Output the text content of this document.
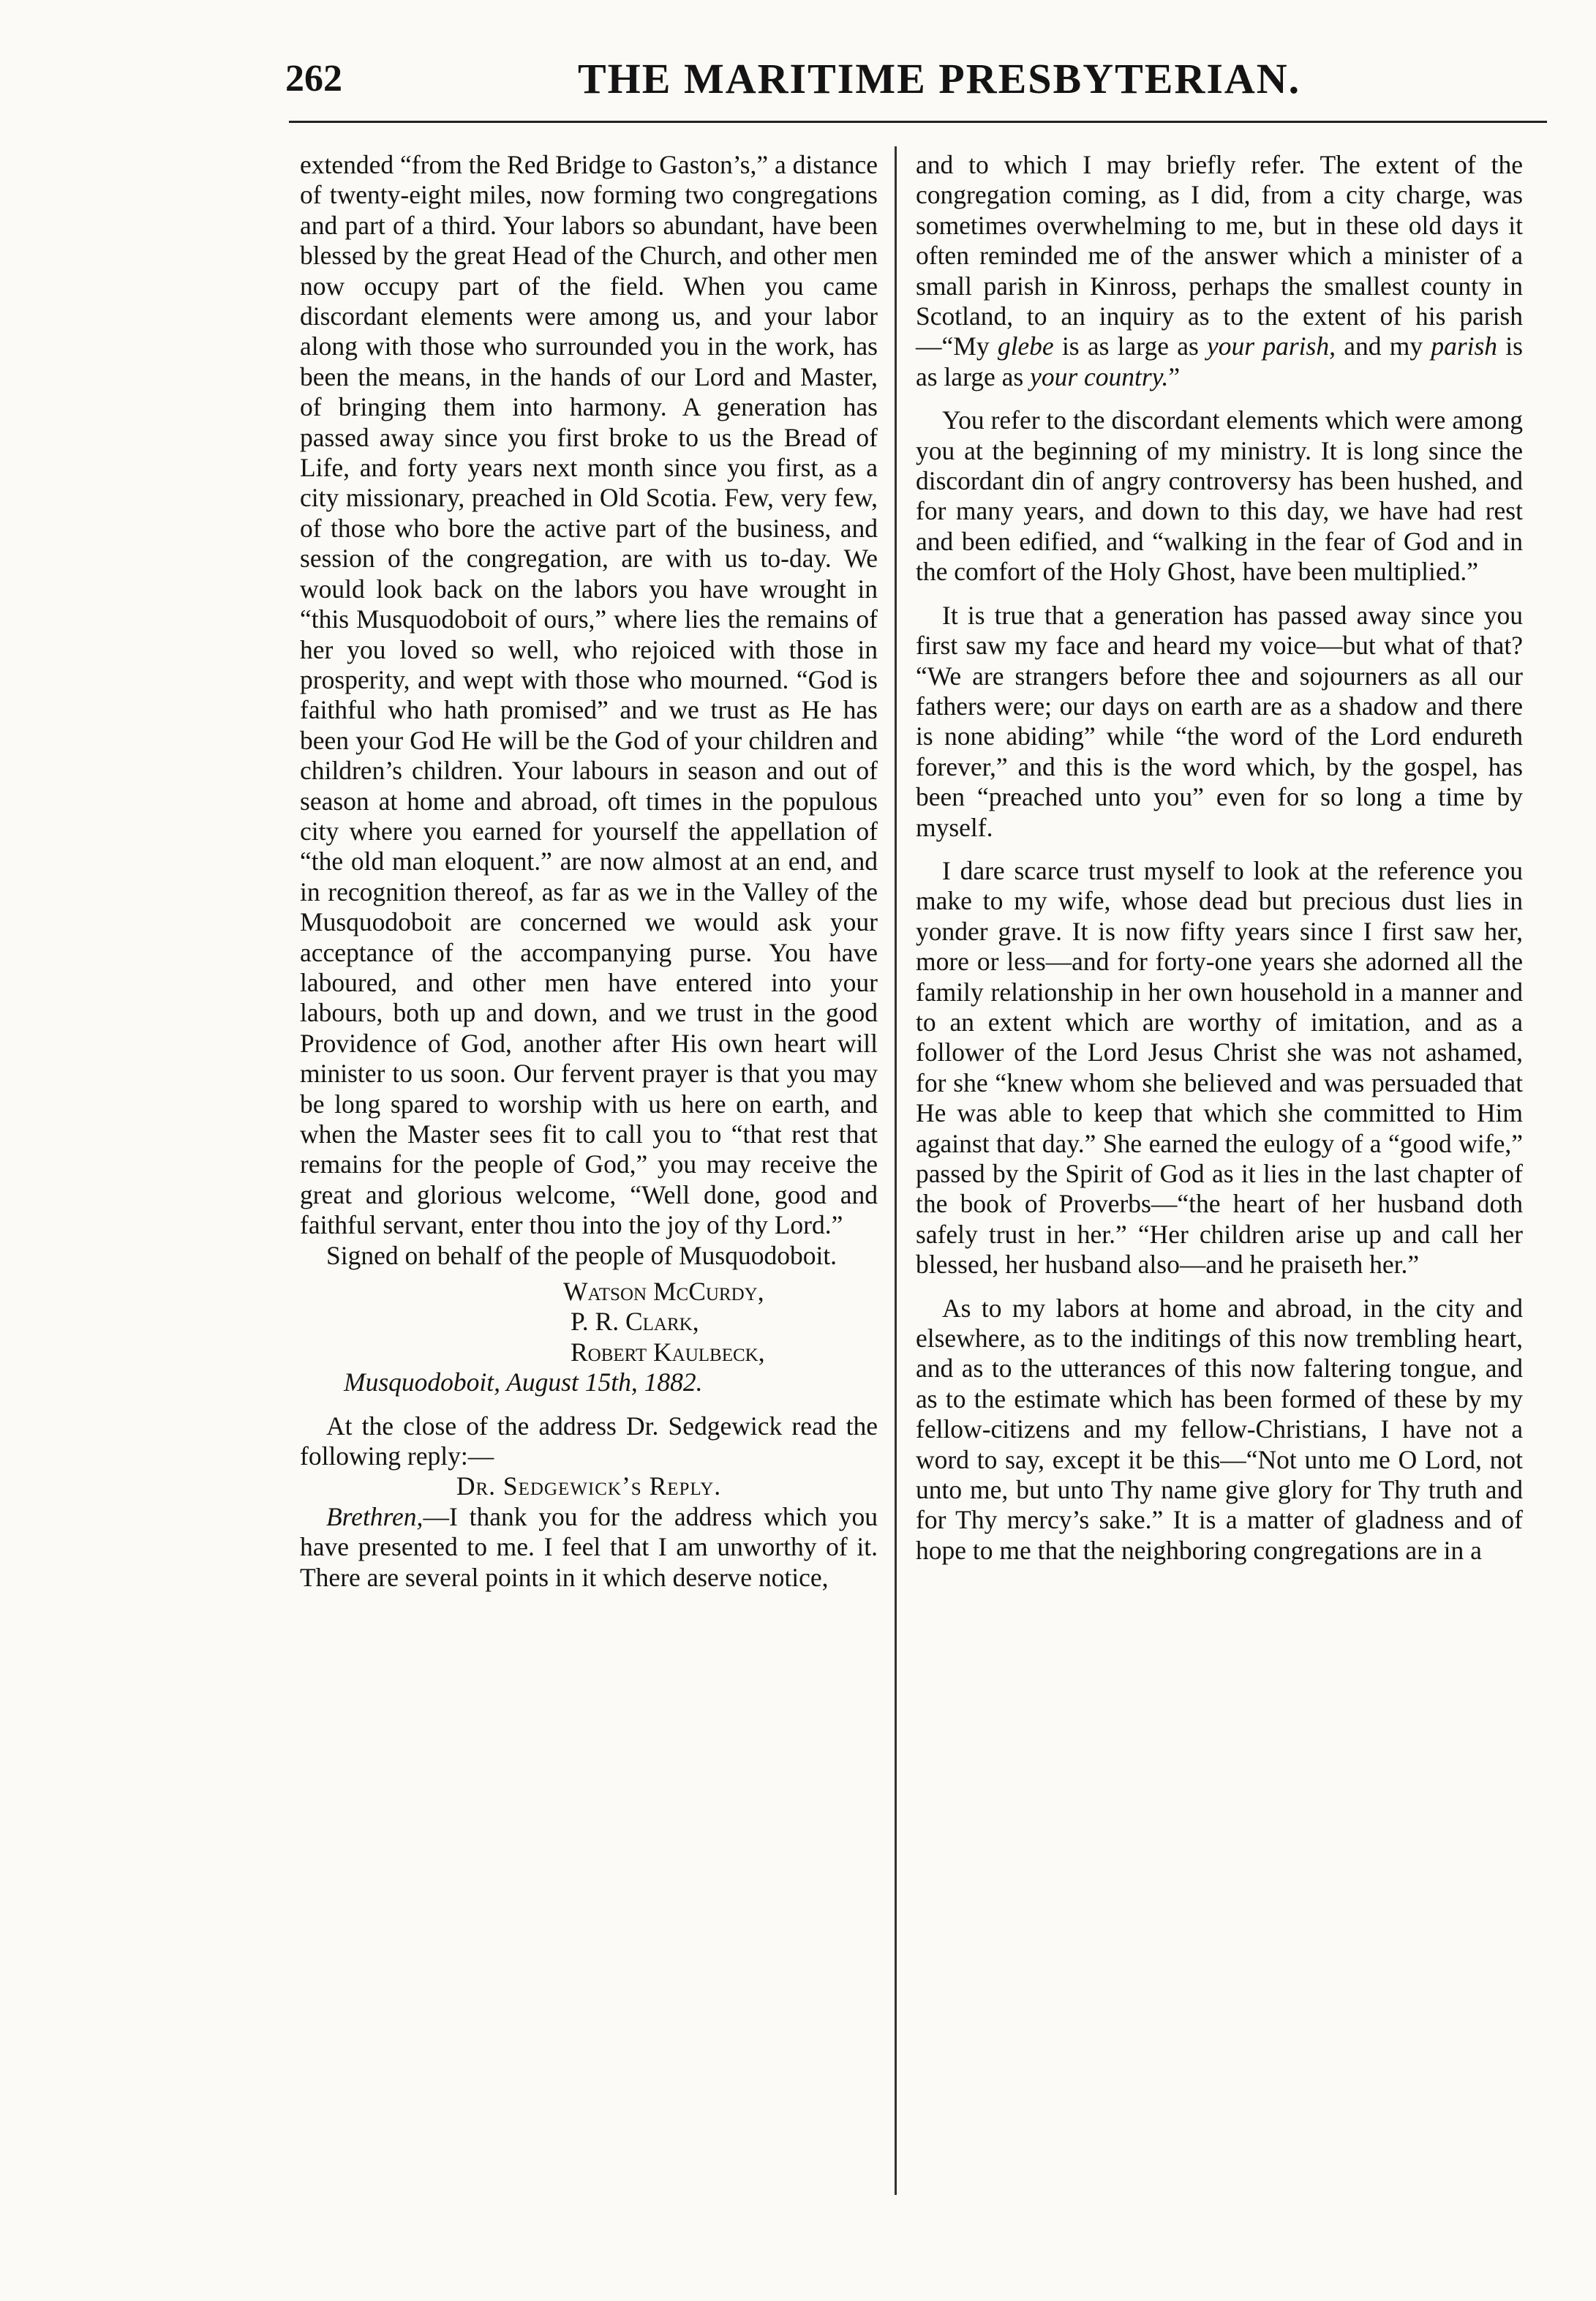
262	THE MARITIME PRESBYTERIAN.

extended “from the Red Bridge to Gaston’s,” a distance of twenty-eight miles, now forming two congregations and part of a third. Your labors so abundant, have been blessed by the great Head of the Church, and other men now occupy part of the field. When you came discordant elements were among us, and your labor along with those who surrounded you in the work, has been the means, in the hands of our Lord and Master, of bringing them into harmony. A generation has passed away since you first broke to us the Bread of Life, and forty years next month since you first, as a city missionary, preached in Old Scotia. Few, very few, of those who bore the active part of the business, and session of the congregation, are with us to-day. We would look back on the labors you have wrought in “this Musquodoboit of ours,” where lies the remains of her you loved so well, who rejoiced with those in prosperity, and wept with those who mourned. “God is faithful who hath promised” and we trust as He has been your God He will be the God of your children and children’s children. Your labours in season and out of season at home and abroad, oft times in the populous city where you earned for yourself the appellation of “the old man eloquent.” are now almost at an end, and in recognition thereof, as far as we in the Valley of the Musquodoboit are concerned we would ask your acceptance of the accompanying purse. You have laboured, and other men have entered into your labours, both up and down, and we trust in the good Providence of God, another after His own heart will minister to us soon. Our fervent prayer is that you may be long spared to worship with us here on earth, and when the Master sees fit to call you to “that rest that remains for the people of God,” you may receive the great and glorious welcome, “Well done, good and faithful servant, enter thou into the joy of thy Lord.”

Signed on behalf of the people of Musquodoboit.

Watson McCurdy,
P. R. Clark,
Robert Kaulbeck,

Musquodoboit, August 15th, 1882.

At the close of the address Dr. Sedgewick read the following reply:—

Dr. Sedgewick’s Reply.

Brethren,—I thank you for the address which you have presented to me. I feel that I am unworthy of it. There are several points in it which deserve notice,

and to which I may briefly refer. The extent of the congregation coming, as I did, from a city charge, was sometimes overwhelming to me, but in these old days it often reminded me of the answer which a minister of a small parish in Kinross, perhaps the smallest county in Scotland, to an inquiry as to the extent of his parish—“My glebe is as large as your parish, and my parish is as large as your country.”

You refer to the discordant elements which were among you at the beginning of my ministry. It is long since the discordant din of angry controversy has been hushed, and for many years, and down to this day, we have had rest and been edified, and “walking in the fear of God and in the comfort of the Holy Ghost, have been multiplied.”

It is true that a generation has passed away since you first saw my face and heard my voice—but what of that? “We are strangers before thee and sojourners as all our fathers were; our days on earth are as a shadow and there is none abiding” while “the word of the Lord endureth forever,” and this is the word which, by the gospel, has been “preached unto you” even for so long a time by myself.

I dare scarce trust myself to look at the reference you make to my wife, whose dead but precious dust lies in yonder grave. It is now fifty years since I first saw her, more or less—and for forty-one years she adorned all the family relationship in her own household in a manner and to an extent which are worthy of imitation, and as a follower of the Lord Jesus Christ she was not ashamed, for she “knew whom she believed and was persuaded that He was able to keep that which she committed to Him against that day.” She earned the eulogy of a “good wife,” passed by the Spirit of God as it lies in the last chapter of the book of Proverbs—“the heart of her husband doth safely trust in her.” “Her children arise up and call her blessed, her husband also—and he praiseth her.”

As to my labors at home and abroad, in the city and elsewhere, as to the inditings of this now trembling heart, and as to the utterances of this now faltering tongue, and as to the estimate which has been formed of these by my fellow-citizens and my fellow-Christians, I have not a word to say, except it be this—“Not unto me O Lord, not unto me, but unto Thy name give glory for Thy truth and for Thy mercy’s sake.” It is a matter of gladness and of hope to me that the neighboring congregations are in a
